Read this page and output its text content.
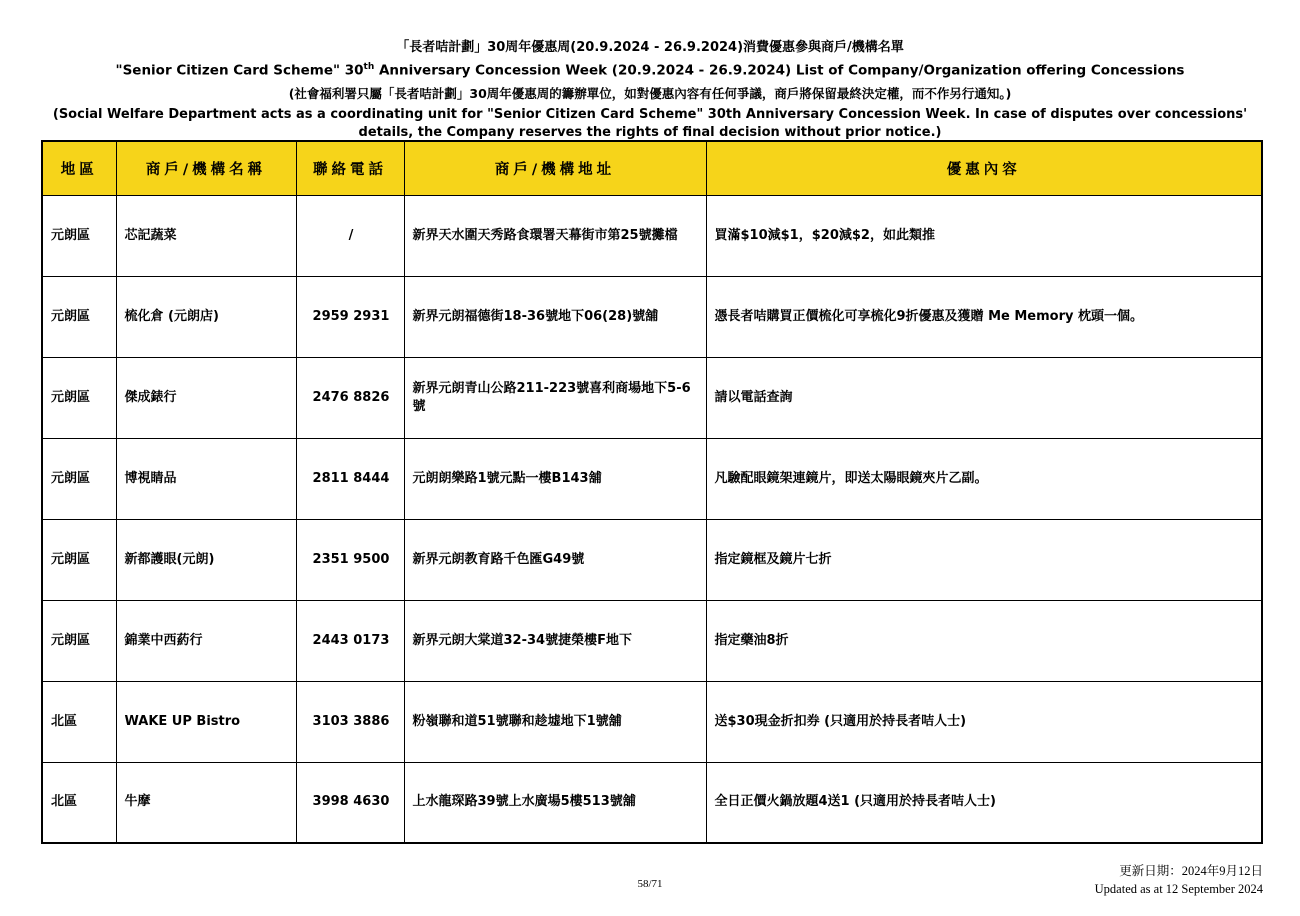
「長者咭計劃」30周年優惠周(20.9.2024 - 26.9.2024)消費優惠參與商戶/機構名單
"Senior Citizen Card Scheme" 30th Anniversary Concession Week (20.9.2024 - 26.9.2024) List of Company/Organization offering Concessions
(社會福利署只屬「長者咭計劃」30周年優惠周的籌辦單位，如對優惠內容有任何爭議，商戶將保留最終決定權，而不作另行通知。)
(Social Welfare Department acts as a coordinating unit for "Senior Citizen Card Scheme" 30th Anniversary Concession Week. In case of disputes over concessions' details, the Company reserves the rights of final decision without prior notice.)
地區	商戶/機構名稱	聯絡電話	商戶/機構地址	優惠內容
元朗區	芯記蔬菜	/	新界天水圍天秀路食環署天幕街市第25號攤檔	買滿$10減$1，$20減$2，如此類推
元朗區	梳化倉 (元朗店)	2959 2931	新界元朗福德街18-36號地下06(28)號舖	憑長者咭購買正價梳化可享梳化9折優惠及獲贈 Me Memory 枕頭一個。
元朗區	傑成錶行	2476 8826	新界元朗青山公路211-223號喜利商場地下5-6號	請以電話查詢
元朗區	博視睛品	2811 8444	元朗朗樂路1號元點一樓B143舖	凡驗配眼鏡架連鏡片，即送太陽眼鏡夾片乙副。
元朗區	新都護眼(元朗)	2351 9500	新界元朗教育路千色匯G49號	指定鏡框及鏡片七折
元朗區	錦業中西葯行	2443 0173	新界元朗大棠道32-34號捷榮樓F地下	指定藥油8折
北區	WAKE UP Bistro	3103 3886	粉嶺聯和道51號聯和趁墟地下1號舖	送$30現金折扣券 (只適用於持長者咭人士)
北區	牛摩	3998 4630	上水龍琛路39號上水廣場5樓513號舖	全日正價火鍋放題4送1 (只適用於持長者咭人士)
58/71
更新日期：2024年9月12日
Updated as at 12 September 2024
